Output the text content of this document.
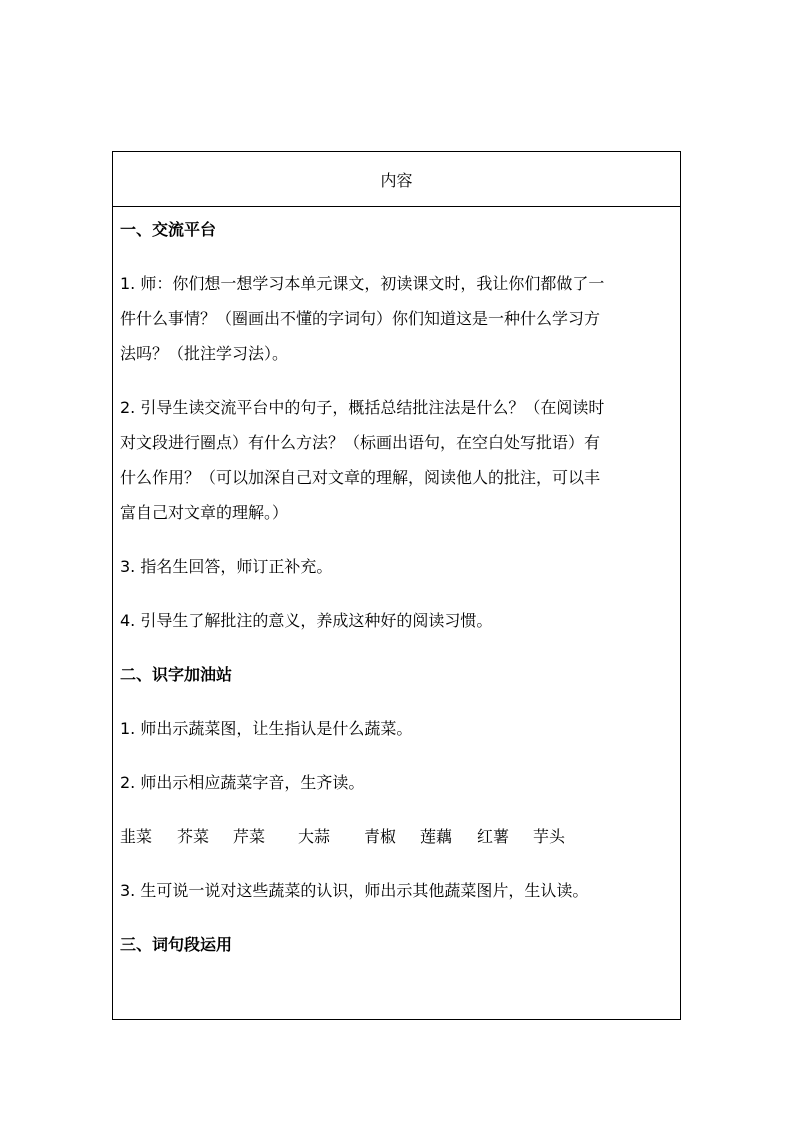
内容
一、交流平台
1. 师：你们想一想学习本单元课文，初读课文时，我让你们都做了一
件什么事情？（圈画出不懂的字词句）你们知道这是一种什么学习方
法吗？（批注学习法）。
2. 引导生读交流平台中的句子，概括总结批注法是什么？（在阅读时
对文段进行圈点）有什么方法？（标画出语句，在空白处写批语）有
什么作用？（可以加深自己对文章的理解，阅读他人的批注，可以丰
富自己对文章的理解。）
3. 指名生回答，师订正补充。
4. 引导生了解批注的意义，养成这种好的阅读习惯。
二、识字加油站
1. 师出示蔬菜图，让生指认是什么蔬菜。
2. 师出示相应蔬菜字音，生齐读。
韭菜 芥菜 芹菜 大蒜 青椒 莲藕 红薯 芋头
3. 生可说一说对这些蔬菜的认识，师出示其他蔬菜图片，生认读。
三、词句段运用
